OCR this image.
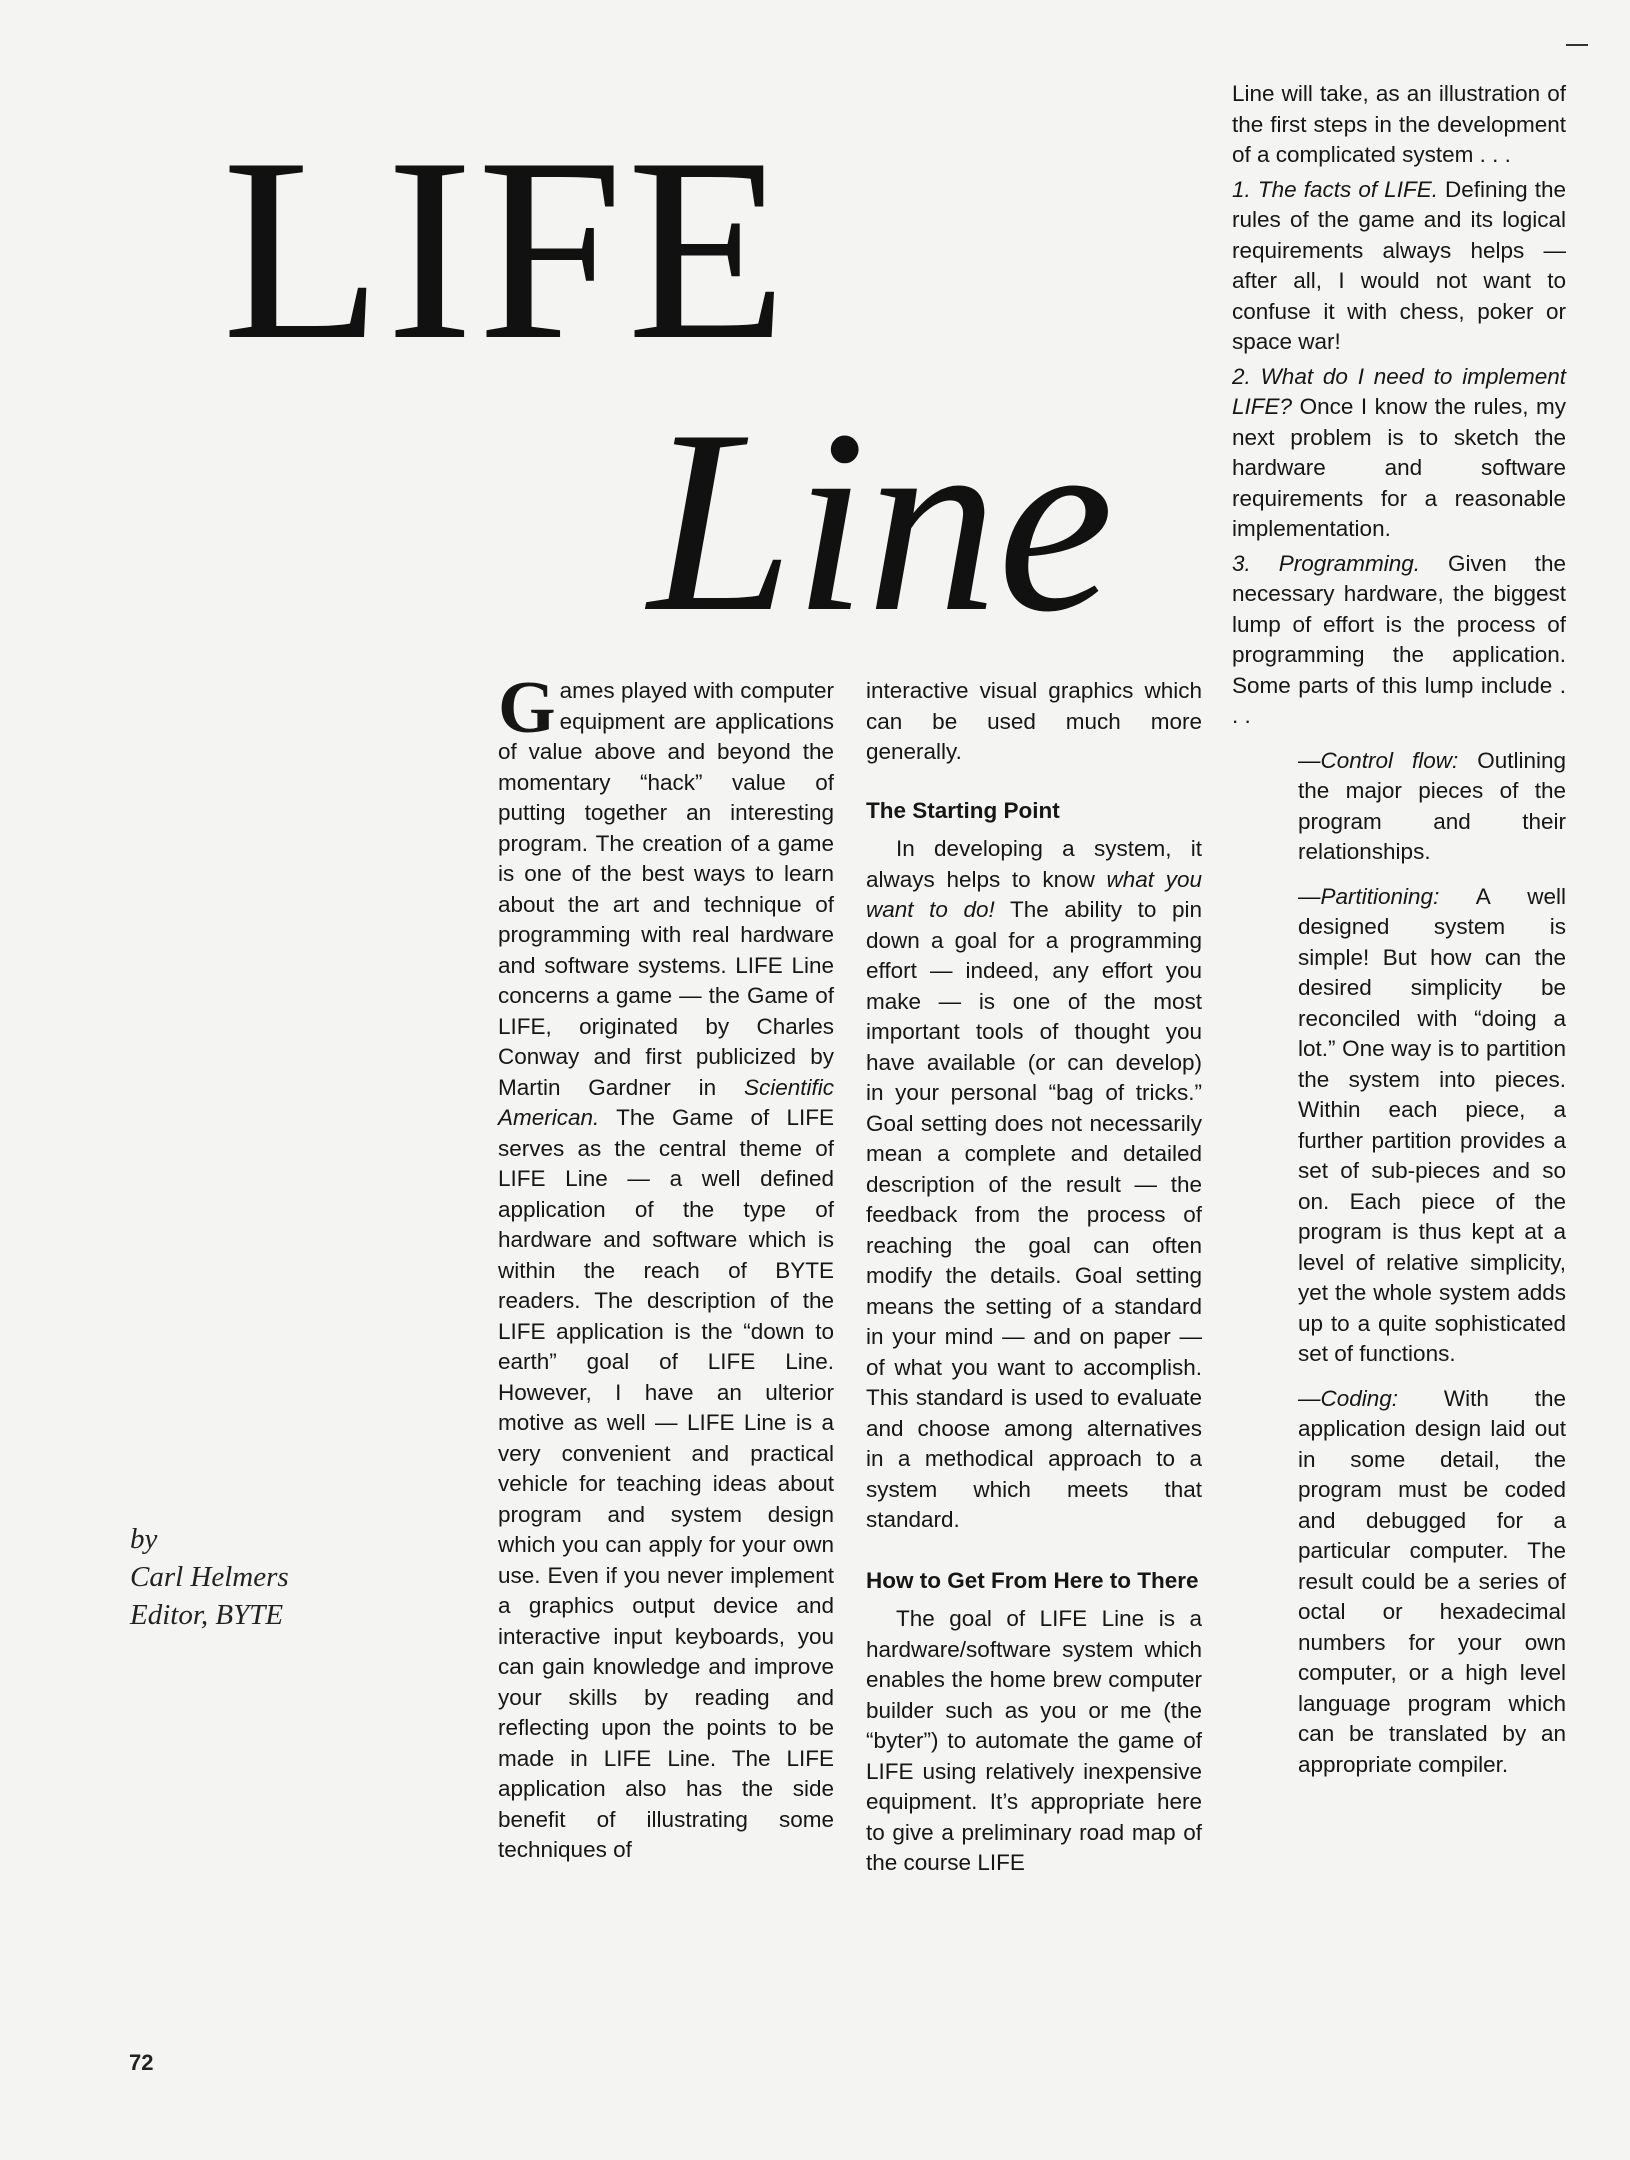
LIFE
Line
by
Carl Helmers
Editor, BYTE

Games played with computer equipment are applications of value above and beyond the momentary “hack” value of putting together an interesting program. The creation of a game is one of the best ways to learn about the art and technique of programming with real hardware and software systems. LIFE Line concerns a game — the Game of LIFE, originated by Charles Conway and first publicized by Martin Gardner in Scientific American. The Game of LIFE serves as the central theme of LIFE Line — a well defined application of the type of hardware and software which is within the reach of BYTE readers. The description of the LIFE application is the “down to earth” goal of LIFE Line. However, I have an ulterior motive as well — LIFE Line is a very convenient and practical vehicle for teaching ideas about program and system design which you can apply for your own use. Even if you never implement a graphics output device and interactive input keyboards, you can gain knowledge and improve your skills by reading and reflecting upon the points to be made in LIFE Line. The LIFE application also has the side benefit of illustrating some techniques of

interactive visual graphics which can be used much more generally.

The Starting Point

In developing a system, it always helps to know what you want to do! The ability to pin down a goal for a programming effort — indeed, any effort you make — is one of the most important tools of thought you have available (or can develop) in your personal “bag of tricks.” Goal setting does not necessarily mean a complete and detailed description of the result — the feedback from the process of reaching the goal can often modify the details. Goal setting means the setting of a standard in your mind — and on paper — of what you want to accomplish. This standard is used to evaluate and choose among alternatives in a methodical approach to a system which meets that standard.

How to Get From Here to There

The goal of LIFE Line is a hardware/software system which enables the home brew computer builder such as you or me (the “byter”) to automate the game of LIFE using relatively inexpensive equipment. It’s appropriate here to give a preliminary road map of the course LIFE

Line will take, as an illustration of the first steps in the development of a complicated system . . .

1. The facts of LIFE. Defining the rules of the game and its logical requirements always helps — after all, I would not want to confuse it with chess, poker or space war!

2. What do I need to implement LIFE? Once I know the rules, my next problem is to sketch the hardware and software requirements for a reasonable implementation.

3. Programming. Given the necessary hardware, the biggest lump of effort is the process of programming the application. Some parts of this lump include . . .

—Control flow: Outlining the major pieces of the program and their relationships.

—Partitioning: A well designed system is simple! But how can the desired simplicity be reconciled with “doing a lot.” One way is to partition the system into pieces. Within each piece, a further partition provides a set of sub-pieces and so on. Each piece of the program is thus kept at a level of relative simplicity, yet the whole system adds up to a quite sophisticated set of functions.

—Coding: With the application design laid out in some detail, the program must be coded and debugged for a particular computer. The result could be a series of octal or hexadecimal numbers for your own computer, or a high level language program which can be translated by an appropriate compiler.

72
